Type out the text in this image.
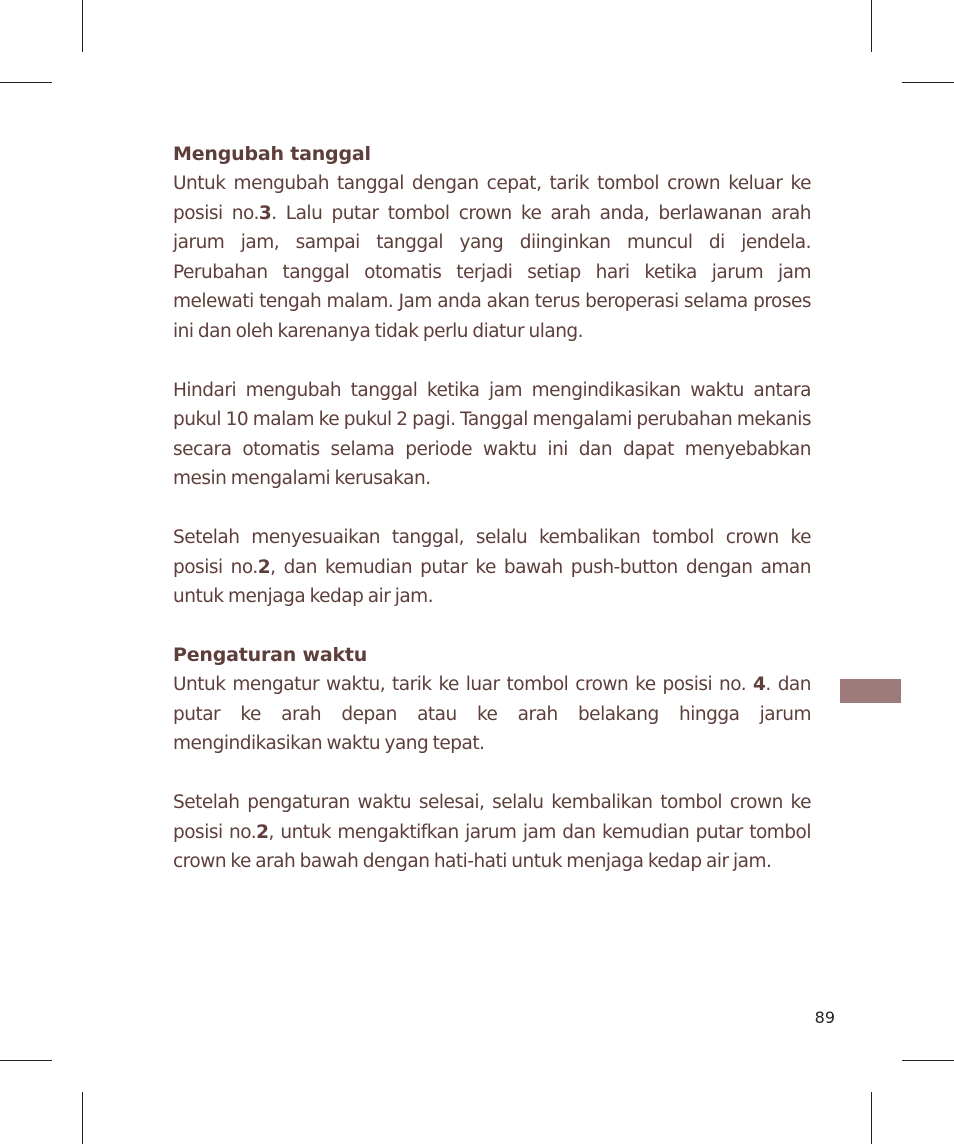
Mengubah tanggal

Untuk mengubah tanggal dengan cepat, tarik tombol crown keluar ke posisi no.3. Lalu putar tombol crown ke arah anda, berlawanan arah jarum jam, sampai tanggal yang diinginkan muncul di jendela. Perubahan tanggal otomatis terjadi setiap hari ketika jarum jam melewati tengah malam. Jam anda akan terus beroperasi selama proses ini dan oleh karenanya tidak perlu diatur ulang.

Hindari mengubah tanggal ketika jam mengindikasikan waktu antara pukul 10 malam ke pukul 2 pagi. Tanggal mengalami perubahan mekanis secara otomatis selama periode waktu ini dan dapat menyebabkan mesin mengalami kerusakan.

Setelah menyesuaikan tanggal, selalu kembalikan tombol crown ke posisi no.2, dan kemudian putar ke bawah push-button dengan aman untuk menjaga kedap air jam.

Pengaturan waktu

Untuk mengatur waktu, tarik ke luar tombol crown ke posisi no. 4. dan putar ke arah depan atau ke arah belakang hingga jarum mengindikasikan waktu yang tepat.

Setelah pengaturan waktu selesai, selalu kembalikan tombol crown ke posisi no.2, untuk mengaktifkan jarum jam dan kemudian putar tombol crown ke arah bawah dengan hati-hati untuk menjaga kedap air jam.

89
